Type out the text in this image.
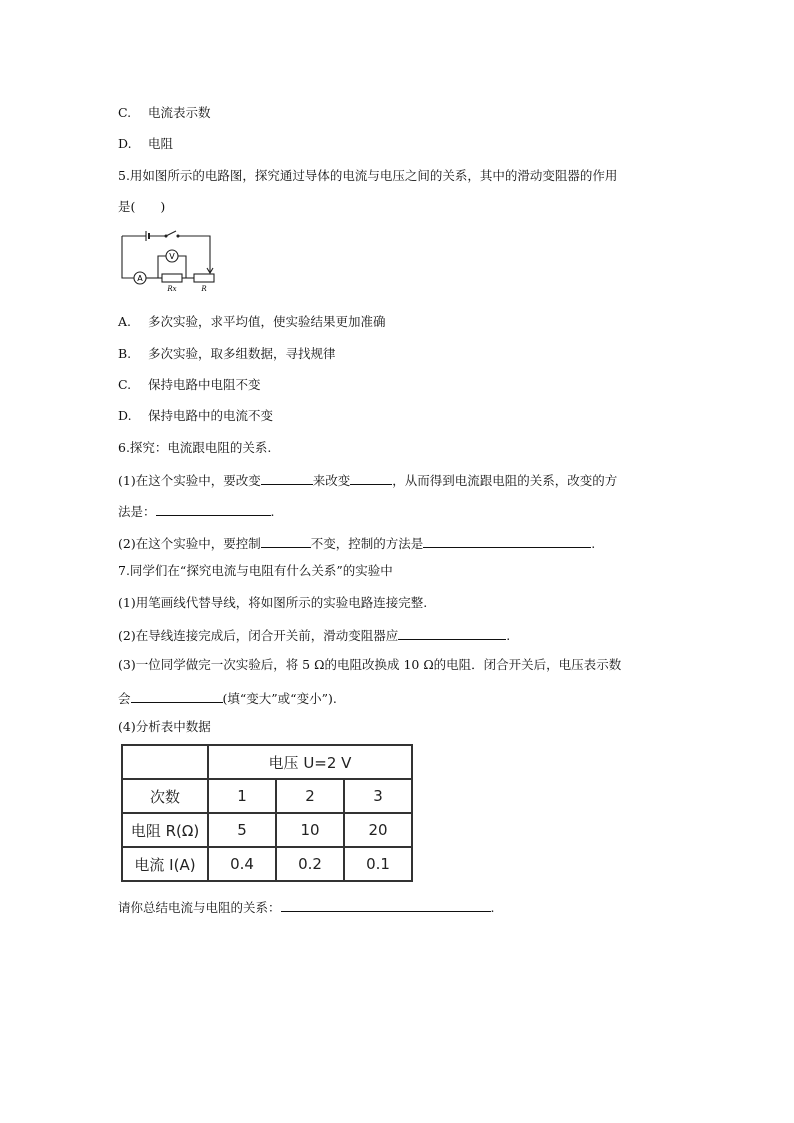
C. 电流表示数
D. 电阻
5.用如图所示的电路图，探究通过导体的电流与电压之间的关系，其中的滑动变阻器的作用
是(　　)
A
V
Rx	R
A. 多次实验，求平均值，使实验结果更加准确
B. 多次实验，取多组数据，寻找规律
C. 保持电路中电阻不变
D. 保持电路中的电流不变
6.探究：电流跟电阻的关系.
(1)在这个实验中，要改变	来改变	，从而得到电流跟电阻的关系，改变的方
法是：	.
(2)在这个实验中，要控制	不变，控制的方法是	.
7.同学们在“探究电流与电阻有什么关系”的实验中
(1)用笔画线代替导线，将如图所示的实验电路连接完整.
(2)在导线连接完成后，闭合开关前，滑动变阻器应	.
(3)一位同学做完一次实验后，将 5 Ω的电阻改换成 10 Ω的电阻．闭合开关后，电压表示数
会	(填“变大”或“变小”).
(4)分析表中数据
	电压 U=2 V		
次数	1	2	3
电阻 R(Ω)	5	10	20
电流 I(A)	0.4	0.2	0.1
请你总结电流与电阻的关系：	.
